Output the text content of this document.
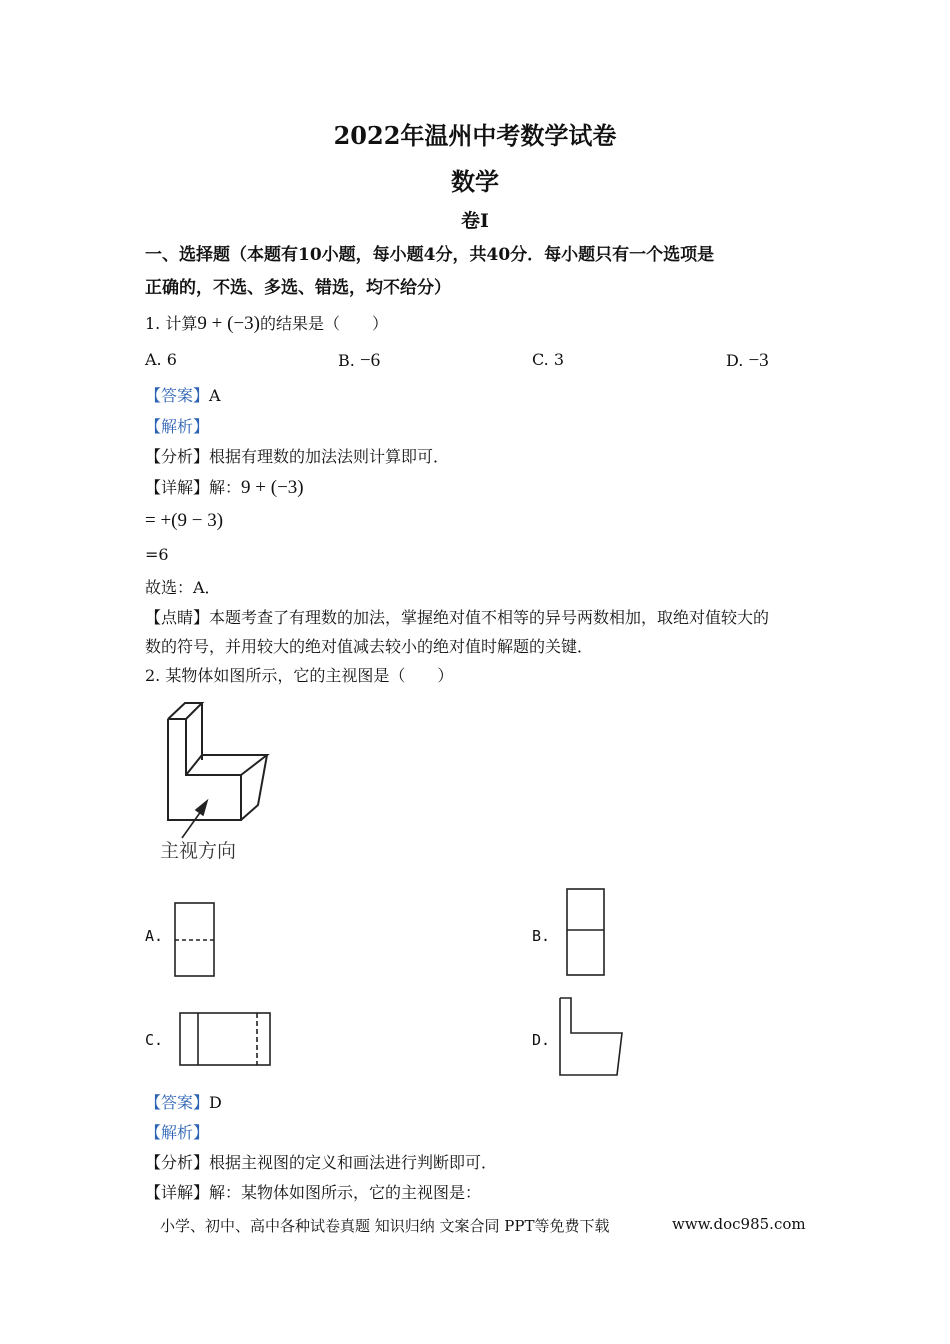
2022年温州中考数学试卷
数学
卷Ⅰ
一、选择题（本题有10小题，每小题4分，共40分．每小题只有一个选项是
正确的，不选、多选、错选，均不给分）
1. 计算9 + (−3)的结果是（　　）
A. 6	B. −6	C. 3	D. −3
【答案】A
【解析】
【分析】根据有理数的加法法则计算即可．
【详解】解：9 + (−3)
= +(9 − 3)
=6
故选：A．
【点睛】本题考查了有理数的加法，掌握绝对值不相等的异号两数相加，取绝对值较大的
数的符号，并用较大的绝对值减去较小的绝对值时解题的关键．
2. 某物体如图所示，它的主视图是（　　）
主视方向
A.	B.
C.	D.
【答案】D
【解析】
【分析】根据主视图的定义和画法进行判断即可．
【详解】解：某物体如图所示，它的主视图是：
小学、初中、高中各种试卷真题 知识归纳 文案合同 PPT等免费下载	www.doc985.com
